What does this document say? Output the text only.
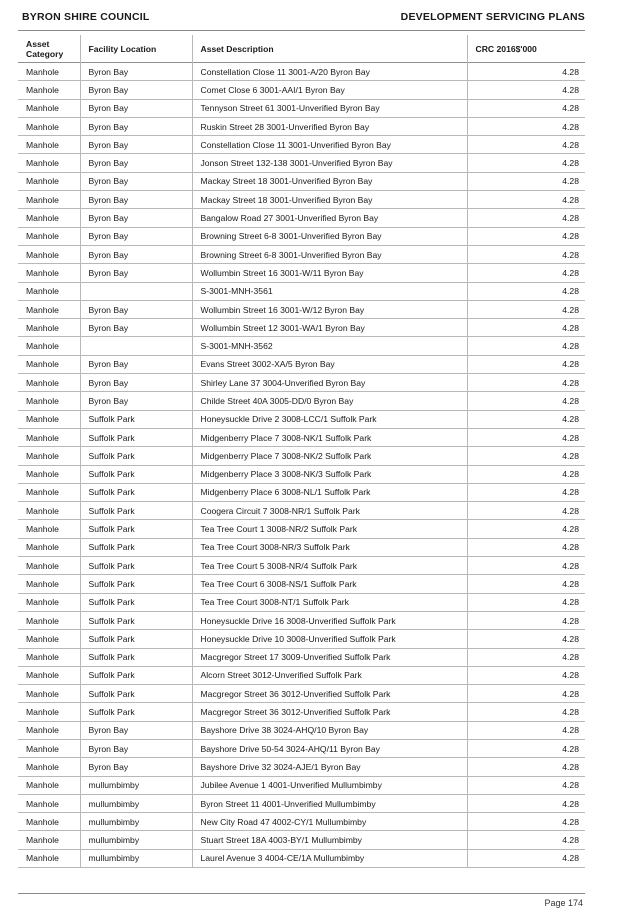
BYRON SHIRE COUNCIL	DEVELOPMENT SERVICING PLANS
Asset Category	Facility Location	Asset Description	CRC 2016$'000
Manhole	Byron Bay	Constellation Close 11 3001-A/20 Byron Bay	4.28
Manhole	Byron Bay	Comet Close 6 3001-AAI/1 Byron Bay	4.28
Manhole	Byron Bay	Tennyson Street 61 3001-Unverified Byron Bay	4.28
Manhole	Byron Bay	Ruskin Street 28 3001-Unverified Byron Bay	4.28
Manhole	Byron Bay	Constellation Close 11 3001-Unverified Byron Bay	4.28
Manhole	Byron Bay	Jonson Street 132-138 3001-Unverified Byron Bay	4.28
Manhole	Byron Bay	Mackay Street 18 3001-Unverified Byron Bay	4.28
Manhole	Byron Bay	Mackay Street 18 3001-Unverified Byron Bay	4.28
Manhole	Byron Bay	Bangalow Road 27 3001-Unverified Byron Bay	4.28
Manhole	Byron Bay	Browning Street 6-8 3001-Unverified Byron Bay	4.28
Manhole	Byron Bay	Browning Street 6-8 3001-Unverified Byron Bay	4.28
Manhole	Byron Bay	Wollumbin Street 16 3001-W/11 Byron Bay	4.28
Manhole		S-3001-MNH-3561	4.28
Manhole	Byron Bay	Wollumbin Street 16 3001-W/12 Byron Bay	4.28
Manhole	Byron Bay	Wollumbin Street 12 3001-WA/1 Byron Bay	4.28
Manhole		S-3001-MNH-3562	4.28
Manhole	Byron Bay	Evans Street 3002-XA/5 Byron Bay	4.28
Manhole	Byron Bay	Shirley Lane 37 3004-Unverified Byron Bay	4.28
Manhole	Byron Bay	Childe Street 40A 3005-DD/0 Byron Bay	4.28
Manhole	Suffolk Park	Honeysuckle Drive 2 3008-LCC/1 Suffolk Park	4.28
Manhole	Suffolk Park	Midgenberry Place 7 3008-NK/1 Suffolk Park	4.28
Manhole	Suffolk Park	Midgenberry Place 7 3008-NK/2 Suffolk Park	4.28
Manhole	Suffolk Park	Midgenberry Place 3 3008-NK/3 Suffolk Park	4.28
Manhole	Suffolk Park	Midgenberry Place 6 3008-NL/1 Suffolk Park	4.28
Manhole	Suffolk Park	Coogera Circuit 7 3008-NR/1 Suffolk Park	4.28
Manhole	Suffolk Park	Tea Tree Court 1 3008-NR/2 Suffolk Park	4.28
Manhole	Suffolk Park	Tea Tree Court 3008-NR/3 Suffolk Park	4.28
Manhole	Suffolk Park	Tea Tree Court 5 3008-NR/4 Suffolk Park	4.28
Manhole	Suffolk Park	Tea Tree Court 6 3008-NS/1 Suffolk Park	4.28
Manhole	Suffolk Park	Tea Tree Court 3008-NT/1 Suffolk Park	4.28
Manhole	Suffolk Park	Honeysuckle Drive 16 3008-Unverified Suffolk Park	4.28
Manhole	Suffolk Park	Honeysuckle Drive 10 3008-Unverified Suffolk Park	4.28
Manhole	Suffolk Park	Macgregor Street 17 3009-Unverified Suffolk Park	4.28
Manhole	Suffolk Park	Alcorn Street 3012-Unverified Suffolk Park	4.28
Manhole	Suffolk Park	Macgregor Street 36 3012-Unverified Suffolk Park	4.28
Manhole	Suffolk Park	Macgregor Street 36 3012-Unverified Suffolk Park	4.28
Manhole	Byron Bay	Bayshore Drive 38 3024-AHQ/10 Byron Bay	4.28
Manhole	Byron Bay	Bayshore Drive 50-54 3024-AHQ/11 Byron Bay	4.28
Manhole	Byron Bay	Bayshore Drive 32 3024-AJE/1 Byron Bay	4.28
Manhole	mullumbimby	Jubilee Avenue 1 4001-Unverified Mullumbimby	4.28
Manhole	mullumbimby	Byron Street 11 4001-Unverified Mullumbimby	4.28
Manhole	mullumbimby	New City Road 47 4002-CY/1 Mullumbimby	4.28
Manhole	mullumbimby	Stuart Street 18A 4003-BY/1 Mullumbimby	4.28
Manhole	mullumbimby	Laurel Avenue 3 4004-CE/1A Mullumbimby	4.28
Page 174
